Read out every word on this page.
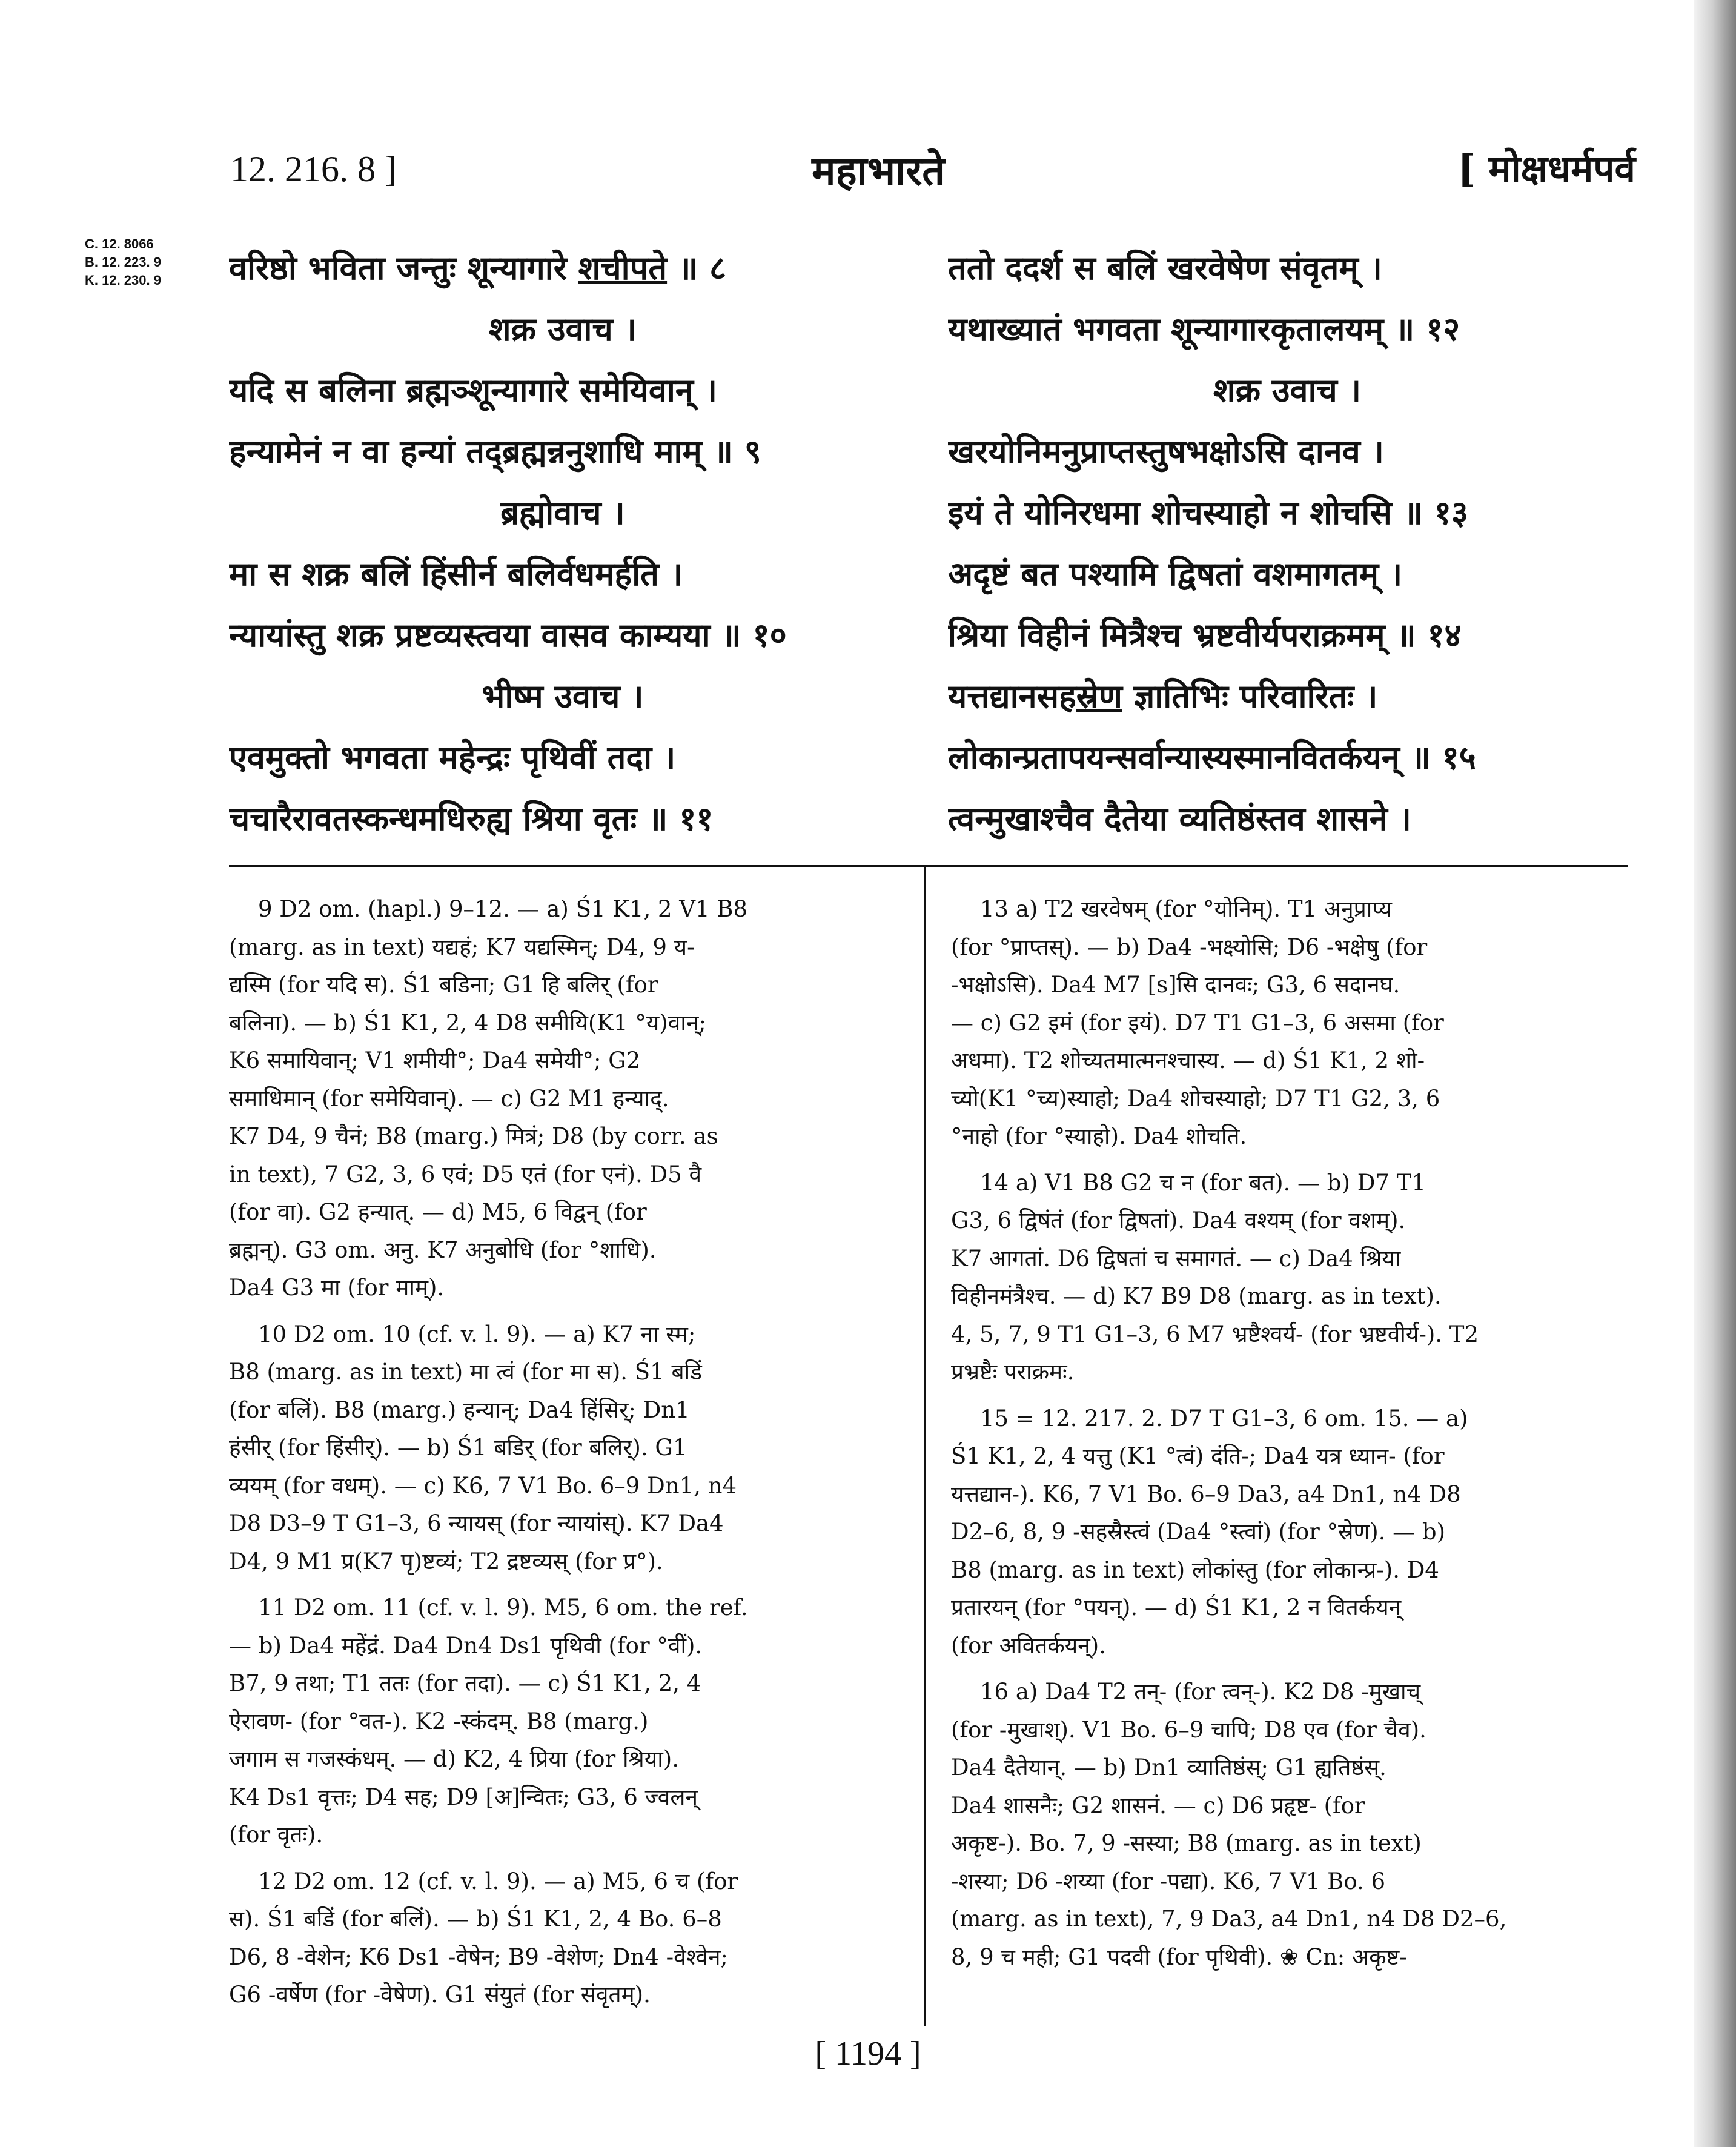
12. 216. 8 ]	महाभारते	[ मोक्षधर्मपर्व
C. 12. 8066
B. 12. 223. 9
K. 12. 230. 9 वरिष्ठो भविता जन्तुः शून्यागारे शचीपते ॥ ८
शक्र उवाच ।
यदि स बलिना ब्रह्मञ्शून्यागारे समेयिवान् ।
हन्यामेनं न वा हन्यां तद्ब्रह्मन्ननुशाधि माम् ॥ ९
ब्रह्मोवाच ।
मा स शक्र बलिं हिंसीर्न बलिर्वधमर्हति ।
न्यायांस्तु शक्र प्रष्टव्यस्त्वया वासव काम्यया ॥ १०
भीष्म उवाच ।
एवमुक्तो भगवता महेन्द्रः पृथिवीं तदा ।
चचारैरावतस्कन्धमधिरुह्य श्रिया वृतः ॥ ११
ततो ददर्श स बलिं खरवेषेण संवृतम् ।
यथाख्यातं भगवता शून्यागारकृतालयम् ॥ १२
शक्र उवाच ।
खरयोनिमनुप्राप्तस्तुषभक्षोऽसि दानव ।
इयं ते योनिरधमा शोचस्याहो न शोचसि ॥ १३
अदृष्टं बत पश्यामि द्विषतां वशमागतम् ।
श्रिया विहीनं मित्रैश्च भ्रष्टवीर्यपराक्रमम् ॥ १४
यत्तद्यानसहस्रेण ज्ञातिभिः परिवारितः ।
लोकान्प्रतापयन्सर्वान्यास्यस्मानवितर्कयन् ॥ १५
त्वन्मुखाश्चैव दैतेया व्यतिष्ठंस्तव शासने ।
9 D2 om. (hapl.) 9–12. — a) Ś1 K1, 2 V1 B8
(marg. as in text) यद्यहं; K7 यद्यस्मिन्; D4, 9 य-
द्यस्मि (for यदि स). Ś1 बडिना; G1 हि बलिर् (for
बलिना). — b) Ś1 K1, 2, 4 D8 समीयि(K1 °य)वान्;
K6 समायिवान्; V1 शमीयी°; Da4 समेयी°; G2
समाधिमान् (for समेयिवान्). — c) G2 M1 हन्याद्.
K7 D4, 9 चैनं; B8 (marg.) मित्रं; D8 (by corr. as
in text), 7 G2, 3, 6 एवं; D5 एतं (for एनं). D5 वै
(for वा). G2 हन्यात्. — d) M5, 6 विद्वन् (for
ब्रह्मन्). G3 om. अनु. K7 अनुबोधि (for °शाधि).
Da4 G3 मा (for माम्).
10 D2 om. 10 (cf. v. l. 9). — a) K7 ना स्म;
B8 (marg. as in text) मा त्वं (for मा स). Ś1 बडिं
(for बलिं). B8 (marg.) हन्यान्; Da4 हिंसिर्; Dn1
हंसीर् (for हिंसीर्). — b) Ś1 बडिर् (for बलिर्). G1
व्ययम् (for वधम्). — c) K6, 7 V1 Bo. 6–9 Dn1, n4
D8 D3–9 T G1–3, 6 न्यायस् (for न्यायांस्). K7 Da4
D4, 9 M1 प्र(K7 पृ)ष्टव्यं; T2 द्रष्टव्यस् (for प्र°).
11 D2 om. 11 (cf. v. l. 9). M5, 6 om. the ref.
— b) Da4 महेंद्रं. Da4 Dn4 Ds1 पृथिवी (for °वीं).
B7, 9 तथा; T1 ततः (for तदा). — c) Ś1 K1, 2, 4
ऐरावण- (for °वत-). K2 -स्कंदम्. B8 (marg.)
जगाम स गजस्कंधम्. — d) K2, 4 प्रिया (for श्रिया).
K4 Ds1 वृत्तः; D4 सह; D9 [अ]न्वितः; G3, 6 ज्वलन्
(for वृतः).
12 D2 om. 12 (cf. v. l. 9). — a) M5, 6 च (for
स). Ś1 बडिं (for बलिं). — b) Ś1 K1, 2, 4 Bo. 6–8
D6, 8 -वेशेन; K6 Ds1 -वेषेन; B9 -वेशेण; Dn4 -वेश्वेन;
G6 -वर्षेण (for -वेषेण). G1 संयुतं (for संवृतम्).
13 a) T2 खरवेषम् (for °योनिम्). T1 अनुप्राप्य
(for °प्राप्तस्). — b) Da4 -भक्ष्योसि; D6 -भक्षेषु (for
-भक्षोऽसि). Da4 M7 [s]सि दानवः; G3, 6 सदानघ.
— c) G2 इमं (for इयं). D7 T1 G1–3, 6 असमा (for
अधमा). T2 शोच्यतमात्मनश्चास्य. — d) Ś1 K1, 2 शो-
च्यो(K1 °च्य)स्याहो; Da4 शोचस्याहो; D7 T1 G2, 3, 6
°नाहो (for °स्याहो). Da4 शोचति.
14 a) V1 B8 G2 च न (for बत). — b) D7 T1
G3, 6 द्विषंतं (for द्विषतां). Da4 वश्यम् (for वशम्).
K7 आगतां. D6 द्विषतां च समागतं. — c) Da4 श्रिया
विहीनमंत्रैश्च. — d) K7 B9 D8 (marg. as in text).
4, 5, 7, 9 T1 G1–3, 6 M7 भ्रष्टैश्वर्य- (for भ्रष्टवीर्य-). T2
प्रभ्रष्टैः पराक्रमः.
15 = 12. 217. 2. D7 T G1–3, 6 om. 15. — a)
Ś1 K1, 2, 4 यत्तु (K1 °त्वं) दंति-; Da4 यत्र ध्यान- (for
यत्तद्यान-). K6, 7 V1 Bo. 6–9 Da3, a4 Dn1, n4 D8
D2–6, 8, 9 -सहस्रैस्त्वं (Da4 °स्त्वां) (for °स्रेण). — b)
B8 (marg. as in text) लोकांस्तु (for लोकान्प्र-). D4
प्रतारयन् (for °पयन्). — d) Ś1 K1, 2 न वितर्कयन्
(for अवितर्कयन्).
16 a) Da4 T2 तन्- (for त्वन्-). K2 D8 -मुखाच्
(for -मुखाश्). V1 Bo. 6–9 चापि; D8 एव (for चैव).
Da4 दैतेयान्. — b) Dn1 व्यातिष्ठंस्; G1 ह्यतिष्ठंस्.
Da4 शासनैः; G2 शासनं. — c) D6 प्रहृष्ट- (for
अकृष्ट-). Bo. 7, 9 -सस्या; B8 (marg. as in text)
-शस्या; D6 -शय्या (for -पद्या). K6, 7 V1 Bo. 6
(marg. as in text), 7, 9 Da3, a4 Dn1, n4 D8 D2–6,
8, 9 च मही; G1 पदवी (for पृथिवी). ❀ Cn: अकृष्ट-
[ 1194 ]
